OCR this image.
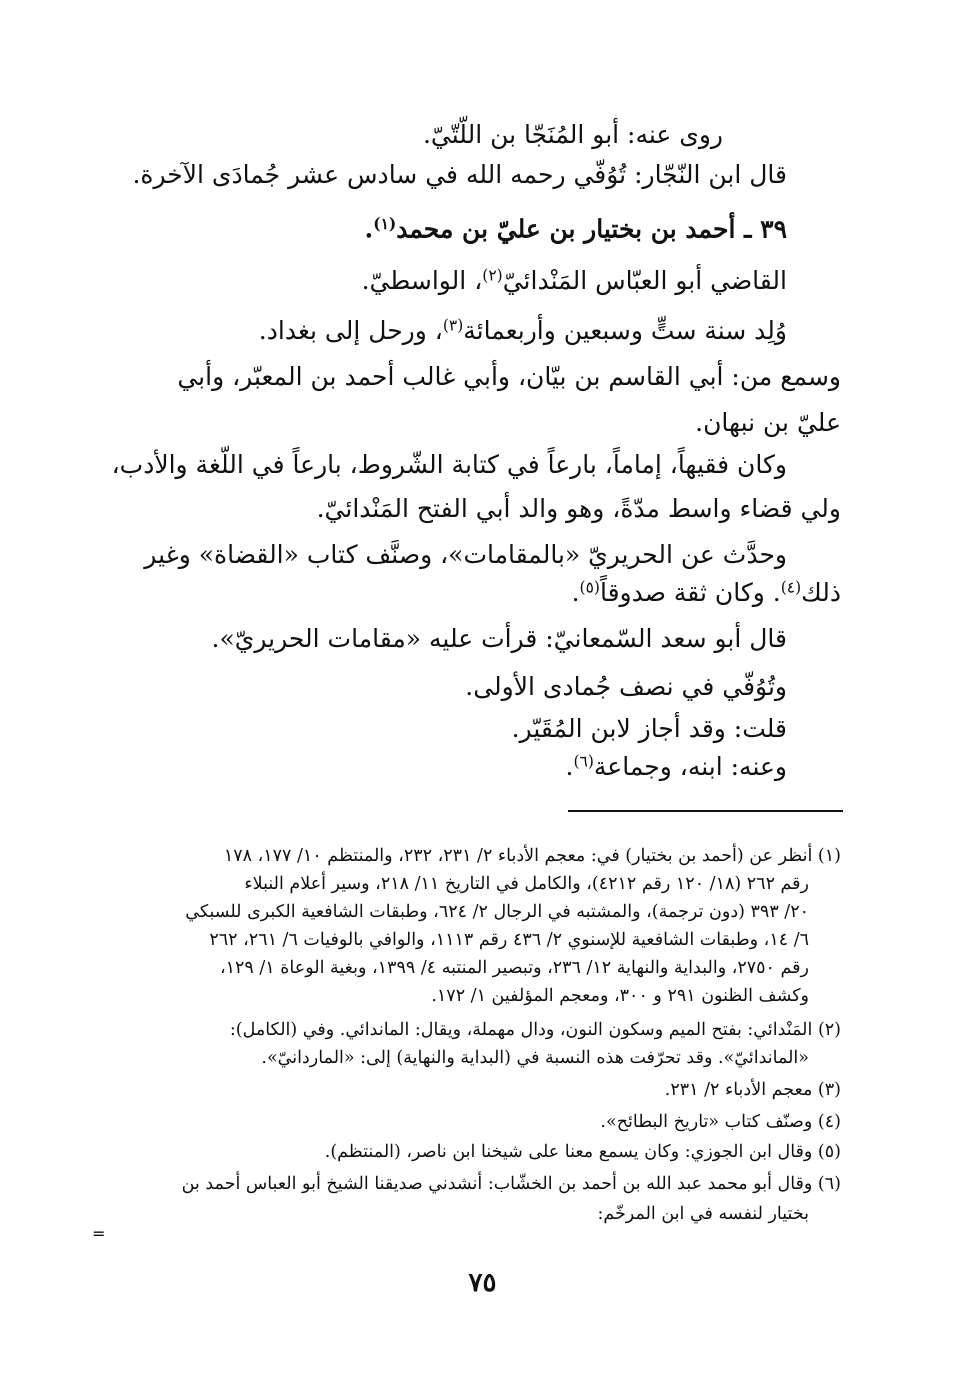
روى عنه: أبو المُنَجّا بن اللّتّيّ.
قال ابن النّجّار: تُوُفّي رحمه الله في سادس عشر جُمادَى الآخرة.
٣٩ ـ أحمد بن بختيار بن عليّ بن محمد$^{(١)}$.
القاضي أبو العبّاس المَنْدائيّ$^{(٢)}$، الواسطيّ.
وُلِد سنة ستٍّ وسبعين وأربعمائة$^{(٣)}$، ورحل إلى بغداد.
وسمع من: أبي القاسم بن بيّان، وأبي غالب أحمد بن المعبّر، وأبي
عليّ بن نبهان.
وكان فقيهاً، إماماً، بارعاً في كتابة الشّروط، بارعاً في اللّغة والأدب،
ولي قضاء واسط مدّةً، وهو والد أبي الفتح المَنْدائيّ.
وحدَّث عن الحريريّ «بالمقامات»، وصنَّف كتاب «القضاة» وغير
ذلك$^{(٤)}$. وكان ثقة صدوقاً$^{(٥)}$.
قال أبو سعد السّمعانيّ: قرأت عليه «مقامات الحريريّ».
وتُوُفّي في نصف جُمادى الأولى.
قلت: وقد أجاز لابن المُقَيّر.
وعنه: ابنه، وجماعة$^{(٦)}$.
(١) أنظر عن (أحمد بن بختيار) في: معجم الأدباء ٢/ ٢٣١، ٢٣٢، والمنتظم ١٠/ ١٧٧، ١٧٨
رقم ٢٦٢ (١٨/ ١٢٠ رقم ٤٢١٢)، والكامل في التاريخ ١١/ ٢١٨، وسير أعلام النبلاء
٢٠/ ٣٩٣ (دون ترجمة)، والمشتبه في الرجال ٢/ ٦٢٤، وطبقات الشافعية الكبرى للسبكي
٦/ ١٤، وطبقات الشافعية للإسنوي ٢/ ٤٣٦ رقم ١١١٣، والوافي بالوفيات ٦/ ٢٦١، ٢٦٢
رقم ٢٧٥٠، والبداية والنهاية ١٢/ ٢٣٦، وتبصير المنتبه ٤/ ١٣٩٩، وبغية الوعاة ١/ ١٢٩،
وكشف الظنون ٢٩١ و ٣٠٠، ومعجم المؤلفين ١/ ١٧٢.
(٢) المَنْدائي: بفتح الميم وسكون النون، ودال مهملة، ويقال: الماندائي. وفي (الكامل):
«الماندائيّ». وقد تحرّفت هذه النسبة في (البداية والنهاية) إلى: «الماردانيّ».
(٣) معجم الأدباء ٢/ ٢٣١.
(٤) وصنّف كتاب «تاريخ البطائح».
(٥) وقال ابن الجوزي: وكان يسمع معنا على شيخنا ابن ناصر، (المنتظم).
(٦) وقال أبو محمد عبد الله بن أحمد بن الخشّاب: أنشدني صديقنا الشيخ أبو العباس أحمد بن
بختيار لنفسه في ابن المرخّم:
=
٧٥
